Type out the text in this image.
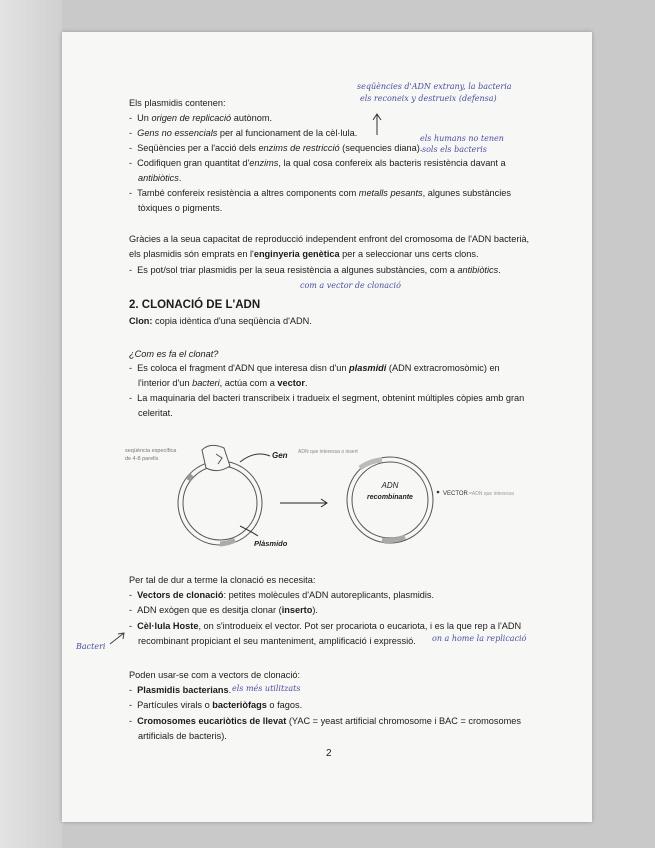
seqüències d'ADN extrany, la bacteria
els reconeix y destrueix (defensa)
els humans no tenen
sols els bacteris
Els plasmidis contenen:
-  Un origen de replicació autònom.
-  Gens no essencials per al funcionament de la cèl·lula.
-  Seqüències per a l'acció dels enzims de restricció (sequencies diana).
-  Codifiquen gran quantitat d'enzims, la qual cosa confereix als bacteris resistència davant a
antibiòtics.
-  També confereix resistència a altres components com metalls pesants, algunes substàncies
tòxiques o pigments.
Gràcies a la seua capacitat de reproducció independent enfront del cromosoma de l'ADN bacterià,
els plasmidis són emprats en l'enginyeria genètica per a seleccionar uns certs clons.
-  Es pot/sol triar plasmidis per la seua resistència a algunes substàncies, com a antibiòtics.
com a vector de clonació
2. CLONACIÓ DE L'ADN
Clon: copia idèntica d'una seqüència d'ADN.
¿Com es fa el clonat?
-  Es coloca el fragment d'ADN que interesa disn d'un plasmidi (ADN extracromosòmic) en
l'interior d'un bacteri, actúa com a vector.
-  La maquinaria del bacteri transcribeix i tradueix el segment, obtenint múltiples còpies amb gran
celeritat.
seqüència específica
de 4-8 parells	Gen ADN que interessa o insert
Plàsmido
ADN
recombinante	VECTOR =ADN que interessa
Per tal de dur a terme la clonació es necesita:
-  Vectors de clonació: petites molècules d'ADN autoreplicants, plasmidis.
-  ADN exògen que es desitja clonar (inserto).
-  Cèl·lula Hoste, on s'introdueix el vector. Pot ser procariota o eucariota, i es la que rep a l'ADN
recombinant propiciant el seu manteniment, amplificació i expressió. on a home la replicació
Bacteri
Poden usar-se com a vectors de clonació:
-  Plasmidis bacterians. els més utilitzats
-  Partícules virals o bacteriòfags o fagos.
-  Cromosomes eucariòtics de llevat (YAC = yeast artificial chromosome i BAC = cromosomes
artificials de bacteris).
2
